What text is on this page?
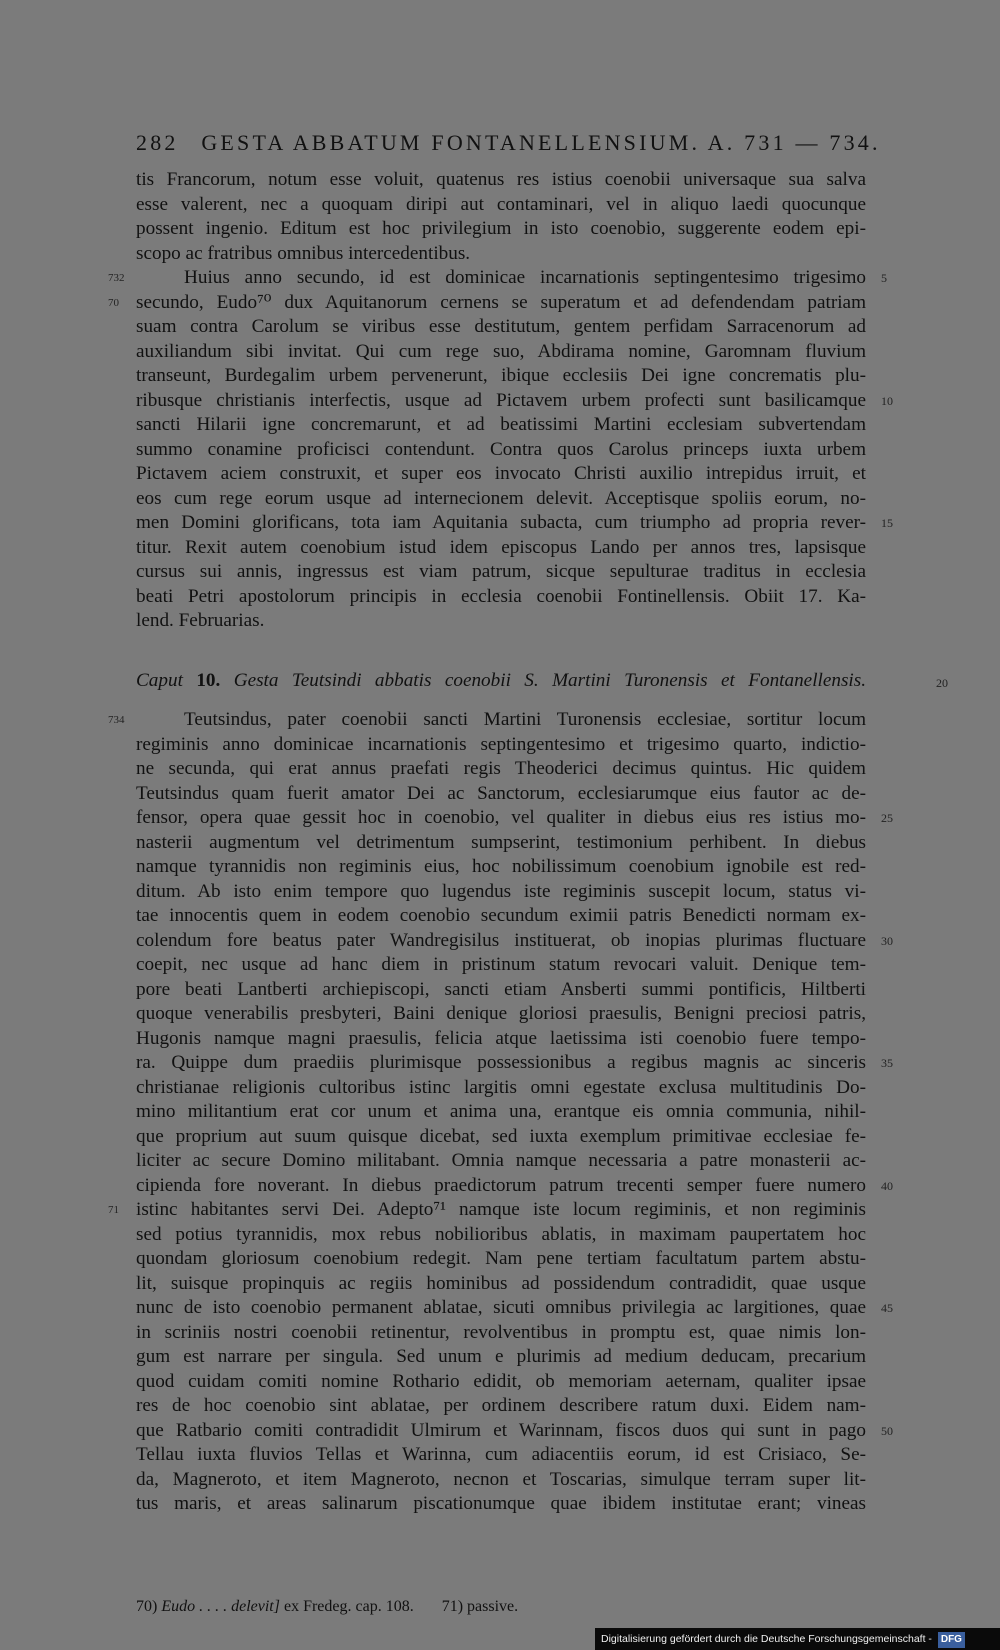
282 GESTA ABBATUM FONTANELLENSIUM. A. 731 — 734.
tis Francorum, notum esse voluit, quatenus res istius coenobii universaque sua salva
esse valerent, nec a quoquam diripi aut contaminari, vel in aliquo laedi quocunque
possent ingenio. Editum est hoc privilegium in isto coenobio, suggerente eodem epi-
scopo ac fratribus omnibus intercedentibus.
Huius anno secundo, id est dominicae incarnationis septingentesimo trigesimo
732	5
secundo, Eudo⁷⁰ dux Aquitanorum cernens se superatum et ad defendendam patriam
70
suam contra Carolum se viribus esse destitutum, gentem perfidam Sarracenorum ad
auxiliandum sibi invitat. Qui cum rege suo, Abdirama nomine, Garomnam fluvium
transeunt, Burdegalim urbem pervenerunt, ibique ecclesiis Dei igne concrematis plu-
ribusque christianis interfectis, usque ad Pictavem urbem profecti sunt basilicamque 10
sancti Hilarii igne concremarunt, et ad beatissimi Martini ecclesiam subvertendam
summo conamine proficisci contendunt. Contra quos Carolus princeps iuxta urbem
Pictavem aciem construxit, et super eos invocato Christi auxilio intrepidus irruit, et
eos cum rege eorum usque ad internecionem delevit. Acceptisque spoliis eorum, no-
men Domini glorificans, tota iam Aquitania subacta, cum triumpho ad propria rever- 15
titur. Rexit autem coenobium istud idem episcopus Lando per annos tres, lapsisque
cursus sui annis, ingressus est viam patrum, sicque sepulturae traditus in ecclesia
beati Petri apostolorum principis in ecclesia coenobii Fontinellensis. Obiit 17. Ka-
lend. Februarias.
Caput 10. Gesta Teutsindi abbatis coenobii S. Martini Turonensis et Fontanellensis.	20
Teutsindus, pater coenobii sancti Martini Turonensis ecclesiae, sortitur locum
734
regiminis anno dominicae incarnationis septingentesimo et trigesimo quarto, indictio-
ne secunda, qui erat annus praefati regis Theoderici decimus quintus. Hic quidem
Teutsindus quam fuerit amator Dei ac Sanctorum, ecclesiarumque eius fautor ac de-
fensor, opera quae gessit hoc in coenobio, vel qualiter in diebus eius res istius mo- 25
nasterii augmentum vel detrimentum sumpserint, testimonium perhibent. In diebus
namque tyrannidis non regiminis eius, hoc nobilissimum coenobium ignobile est red-
ditum. Ab isto enim tempore quo lugendus iste regiminis suscepit locum, status vi-
tae innocentis quem in eodem coenobio secundum eximii patris Benedicti normam ex-
colendum fore beatus pater Wandregisilus instituerat, ob inopias plurimas fluctuare 30
coepit, nec usque ad hanc diem in pristinum statum revocari valuit. Denique tem-
pore beati Lantberti archiepiscopi, sancti etiam Ansberti summi pontificis, Hiltberti
quoque venerabilis presbyteri, Baini denique gloriosi praesulis, Benigni preciosi patris,
Hugonis namque magni praesulis, felicia atque laetissima isti coenobio fuere tempo-
ra. Quippe dum praediis plurimisque possessionibus a regibus magnis ac sinceris 35
christianae religionis cultoribus istinc largitis omni egestate exclusa multitudinis Do-
mino militantium erat cor unum et anima una, erantque eis omnia communia, nihil-
que proprium aut suum quisque dicebat, sed iuxta exemplum primitivae ecclesiae fe-
liciter ac secure Domino militabant. Omnia namque necessaria a patre monasterii ac-
cipienda fore noverant. In diebus praedictorum patrum trecenti semper fuere numero 40
istinc habitantes servi Dei. Adepto⁷¹ namque iste locum regiminis, et non regiminis
71
sed potius tyrannidis, mox rebus nobilioribus ablatis, in maximam paupertatem hoc
quondam gloriosum coenobium redegit. Nam pene tertiam facultatum partem abstu-
lit, suisque propinquis ac regiis hominibus ad possidendum contradidit, quae usque
nunc de isto coenobio permanent ablatae, sicuti omnibus privilegia ac largitiones, quae 45
in scriniis nostri coenobii retinentur, revolventibus in promptu est, quae nimis lon-
gum est narrare per singula. Sed unum e plurimis ad medium deducam, precarium
quod cuidam comiti nomine Rothario edidit, ob memoriam aeternam, qualiter ipsae
res de hoc coenobio sint ablatae, per ordinem describere ratum duxi. Eidem nam-
que Ratbario comiti contradidit Ulmirum et Warinnam, fiscos duos qui sunt in pago 50
Tellau iuxta fluvios Tellas et Warinna, cum adiacentiis eorum, id est Crisiaco, Se-
da, Magneroto, et item Magneroto, necnon et Toscarias, simulque terram super lit-
tus maris, et areas salinarum piscationumque quae ibidem institutae erant; vineas
70) Eudo . . . . delevit] ex Fredeg. cap. 108. 71) passive.
Digitalisierung gefördert durch die Deutsche Forschungsgemeinschaft - DFG
